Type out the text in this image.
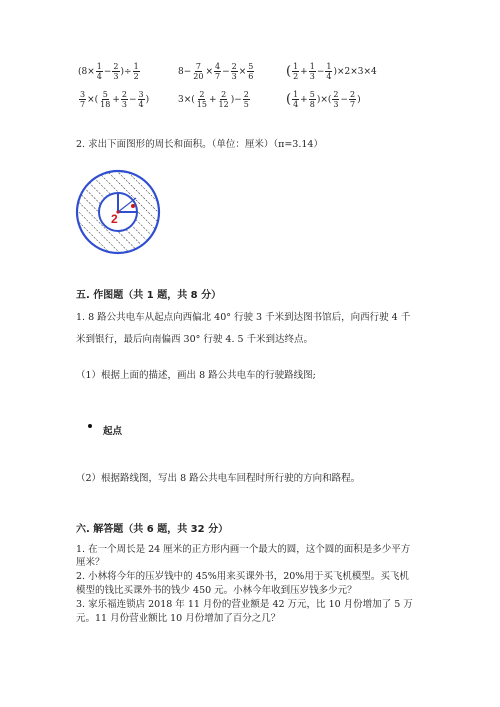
($8\times \frac{1}{4} - \frac{2}{3}$ )÷ $\frac{1}{2}$	$8- \frac{7}{20} \times \frac{4}{7} - \frac{2}{3} \times \frac{5}{6}$ ( $\frac{1}{2} + \frac{1}{3} - \frac{1}{4} )\times 2\times 3\times 4$
$\frac{3}{7}$ ×( $\frac{5}{18} + \frac{2}{3} - \frac{3}{4}$ )	$3\times( \frac{2}{15} + \frac{2}{12}$ )− $\frac{2}{5}$	( $\frac{1}{4} + \frac{5}{8}$ )×( $\frac{2}{3} - \frac{2}{7}$ )
2. 求出下面图形的周长和面积。（单位：厘米）（π=3.14）
2
五. 作图题（共 1 题，共 8 分）
1. 8 路公共电车从起点向西偏北 40° 行驶 3 千米到达图书馆后，向西行驶 4 千
米到银行，最后向南偏西 30° 行驶 4. 5 千米到达终点。
（1）根据上面的描述，画出 8 路公共电车的行驶路线图;
起点
（2）根据路线图，写出 8 路公共电车回程时所行驶的方向和路程。
六. 解答题（共 6 题，共 32 分）
1. 在一个周长是 24 厘米的正方形内画一个最大的圆，这个圆的面积是多少平方
厘米？
2. 小林将今年的压岁钱中的 45%用来买课外书，20%用于买飞机模型。买飞机
模型的钱比买课外书的钱少 450 元。小林今年收到压岁钱多少元？
3. 家乐福连锁店 2018 年 11 月份的营业额是 42 万元，比 10 月份增加了 5 万
元。11 月份营业额比 10 月份增加了百分之几？
